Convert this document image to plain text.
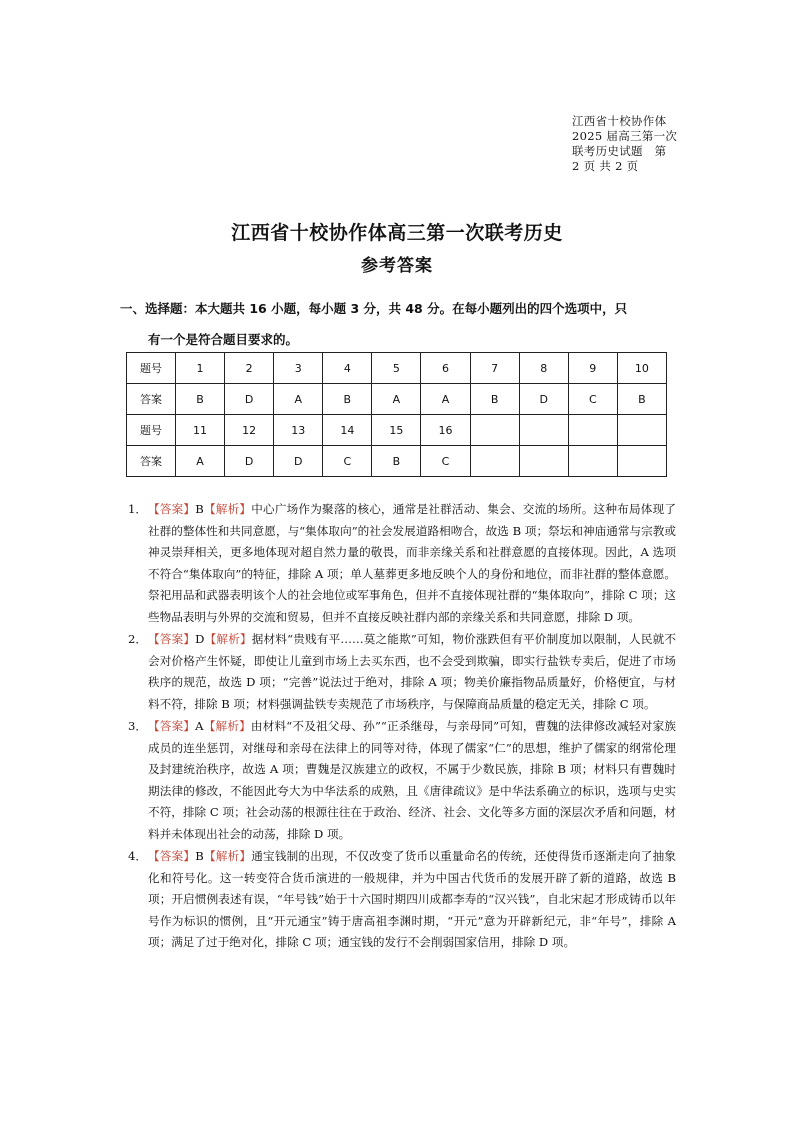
江西省十校协作体
2025 届高三第一次
联考历史试题　第
2 页 共 2 页
江西省十校协作体高三第一次联考历史
参考答案
一、选择题：本大题共 16 小题，每小题 3 分，共 48 分。在每小题列出的四个选项中，只
有一个是符合题目要求的。
题号	1	2	3	4	5	6	7	8	9	10
答案	B	D	A	B	A	A	B	D	C	B
题号	11	12	13	14	15	16				
答案	A	D	D	C	B	C				
1． 【答案】B【解析】中心广场作为聚落的核心，通常是社群活动、集会、交流的场所。这种布局体现了社群的整体性和共同意愿，与“集体取向”的社会发展道路相吻合，故选 B 项；祭坛和神庙通常与宗教或神灵崇拜相关，更多地体现对超自然力量的敬畏，而非亲缘关系和社群意愿的直接体现。因此，A 选项不符合“集体取向”的特征，排除 A 项；单人墓葬更多地反映个人的身份和地位，而非社群的整体意愿。祭祀用品和武器表明该个人的社会地位或军事角色，但并不直接体现社群的“集体取向”，排除 C 项；这些物品表明与外界的交流和贸易，但并不直接反映社群内部的亲缘关系和共同意愿，排除 D 项。
2． 【答案】D【解析】据材料“贵贱有平……莫之能欺”可知，物价涨跌但有平价制度加以限制，人民就不会对价格产生怀疑，即使让儿童到市场上去买东西，也不会受到欺骗，即实行盐铁专卖后，促进了市场秩序的规范，故选 D 项；“完善”说法过于绝对，排除 A 项；物美价廉指物品质量好，价格便宜，与材料不符，排除 B 项；材料强调盐铁专卖规范了市场秩序，与保障商品质量的稳定无关，排除 C 项。
3． 【答案】A【解析】由材料“不及祖父母、孙”“正杀继母，与亲母同”可知，曹魏的法律修改减轻对家族成员的连坐惩罚，对继母和亲母在法律上的同等对待，体现了儒家“仁”的思想，维护了儒家的纲常伦理及封建统治秩序，故选 A 项；曹魏是汉族建立的政权，不属于少数民族，排除 B 项；材料只有曹魏时期法律的修改，不能因此夸大为中华法系的成熟，且《唐律疏议》是中华法系确立的标识，选项与史实不符，排除 C 项；社会动荡的根源往往在于政治、经济、社会、文化等多方面的深层次矛盾和问题，材料并未体现出社会的动荡，排除 D 项。
4． 【答案】B【解析】通宝钱制的出现，不仅改变了货币以重量命名的传统，还使得货币逐渐走向了抽象化和符号化。这一转变符合货币演进的一般规律，并为中国古代货币的发展开辟了新的道路，故选 B 项；开启惯例表述有误，“年号钱”始于十六国时期四川成都李寿的“汉兴钱”，自北宋起才形成铸币以年号作为标识的惯例，且“开元通宝”铸于唐高祖李渊时期，“开元”意为开辟新纪元，非“年号”，排除 A 项；满足了过于绝对化，排除 C 项；通宝钱的发行不会削弱国家信用，排除 D 项。
